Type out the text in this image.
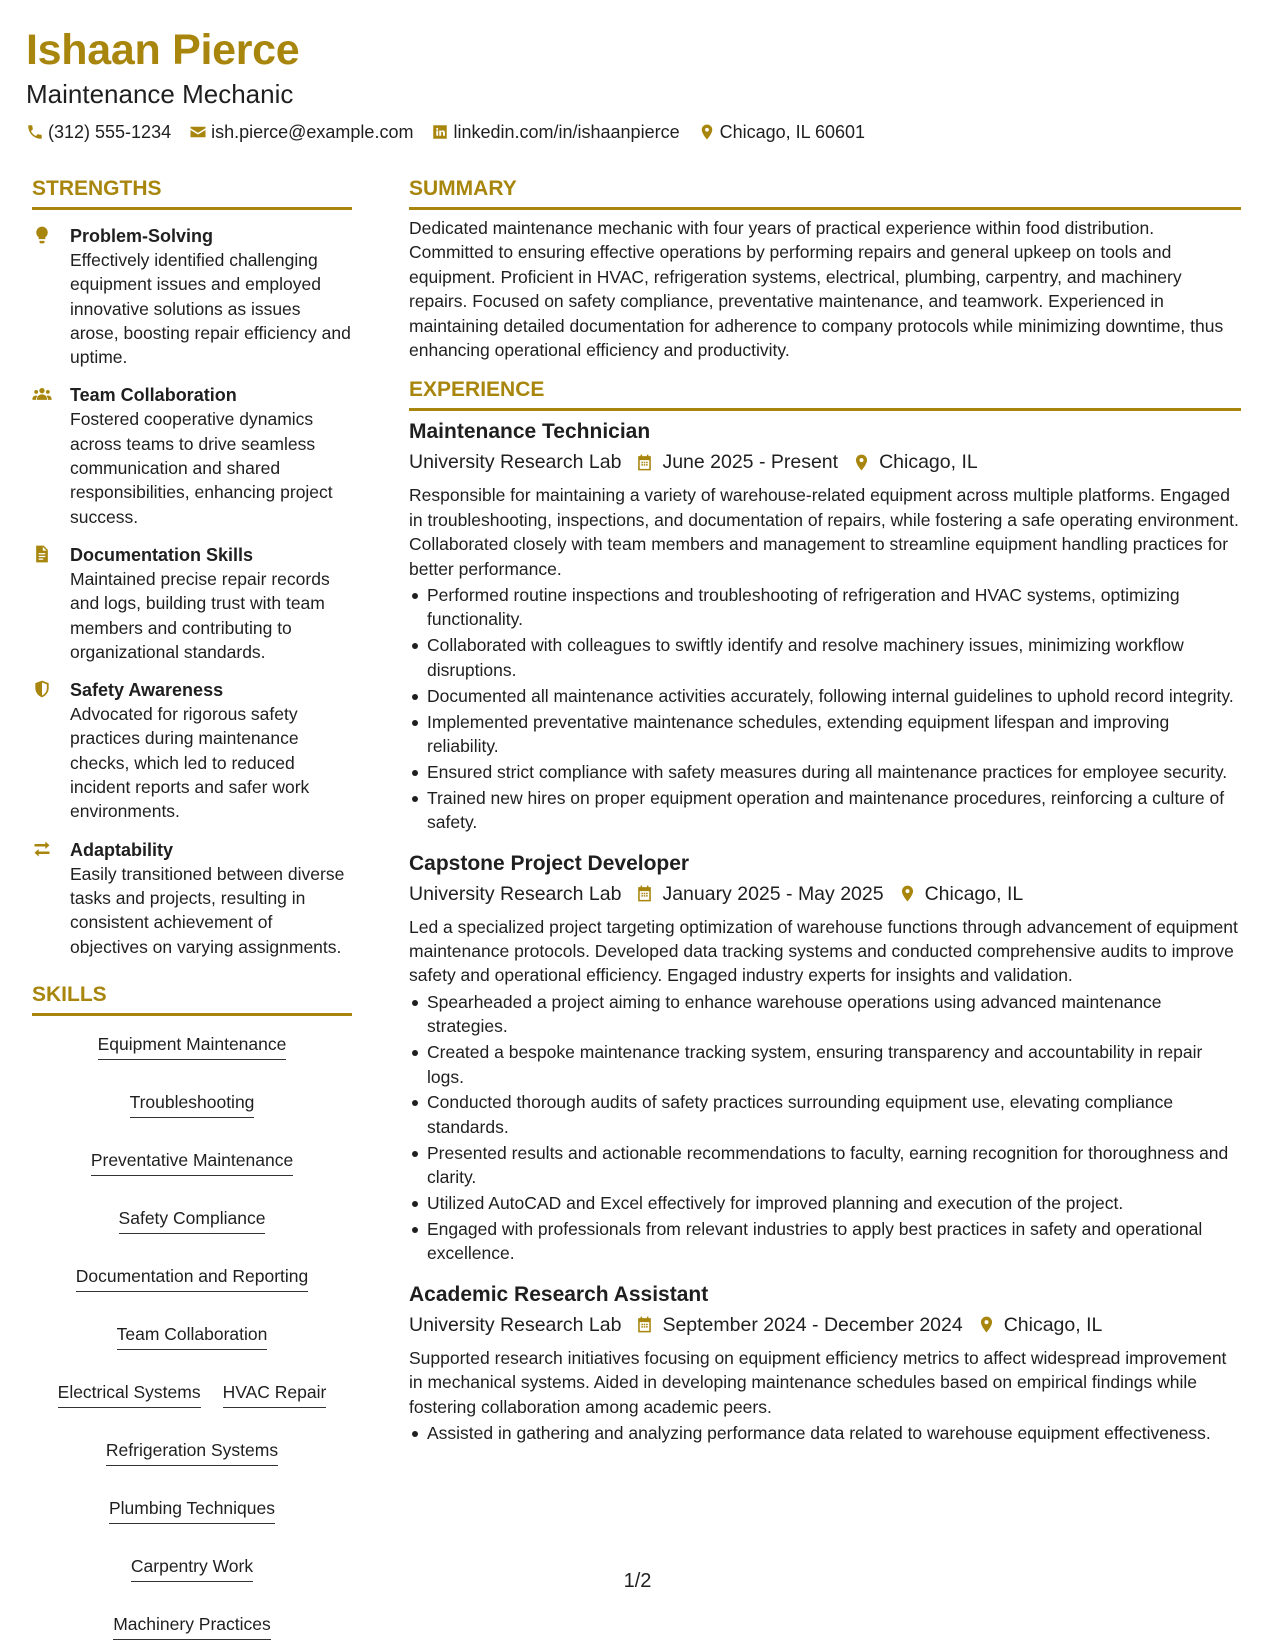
Ishaan Pierce

Maintenance Mechanic

(312) 555-1234 ish.pierce@example.com linkedin.com/in/ishaanpierce Chicago, IL 60601
STRENGTHS
Problem-Solving
Effectively identified challenging equipment issues and employed innovative solutions as issues arose, boosting repair efficiency and uptime.
Team Collaboration
Fostered cooperative dynamics across teams to drive seamless communication and shared responsibilities, enhancing project success.
Documentation Skills
Maintained precise repair records and logs, building trust with team members and contributing to organizational standards.
Safety Awareness
Advocated for rigorous safety practices during maintenance checks, which led to reduced incident reports and safer work environments.
Adaptability
Easily transitioned between diverse tasks and projects, resulting in consistent achievement of objectives on varying assignments.
SKILLS
Equipment Maintenance
Troubleshooting
Preventative Maintenance
Safety Compliance
Documentation and Reporting
Team Collaboration
Electrical Systems HVAC Repair
Refrigeration Systems
Plumbing Techniques
Carpentry Work
Machinery Practices
SUMMARY

Dedicated maintenance mechanic with four years of practical experience within food distribution. Committed to ensuring effective operations by performing repairs and general upkeep on tools and equipment. Proficient in HVAC, refrigeration systems, electrical, plumbing, carpentry, and machinery repairs. Focused on safety compliance, preventative maintenance, and teamwork. Experienced in maintaining detailed documentation for adherence to company protocols while minimizing downtime, thus enhancing operational efficiency and productivity.

EXPERIENCE
Maintenance Technician
University Research Lab June 2025 - Present Chicago, IL
Responsible for maintaining a variety of warehouse-related equipment across multiple platforms. Engaged in troubleshooting, inspections, and documentation of repairs, while fostering a safe operating environment. Collaborated closely with team members and management to streamline equipment handling practices for better performance.
Performed routine inspections and troubleshooting of refrigeration and HVAC systems, optimizing functionality.
Collaborated with colleagues to swiftly identify and resolve machinery issues, minimizing workflow disruptions.
Documented all maintenance activities accurately, following internal guidelines to uphold record integrity.
Implemented preventative maintenance schedules, extending equipment lifespan and improving reliability.
Ensured strict compliance with safety measures during all maintenance practices for employee security.
Trained new hires on proper equipment operation and maintenance procedures, reinforcing a culture of safety.
Capstone Project Developer
University Research Lab January 2025 - May 2025 Chicago, IL
Led a specialized project targeting optimization of warehouse functions through advancement of equipment maintenance protocols. Developed data tracking systems and conducted comprehensive audits to improve safety and operational efficiency. Engaged industry experts for insights and validation.
Spearheaded a project aiming to enhance warehouse operations using advanced maintenance strategies.
Created a bespoke maintenance tracking system, ensuring transparency and accountability in repair logs.
Conducted thorough audits of safety practices surrounding equipment use, elevating compliance standards.
Presented results and actionable recommendations to faculty, earning recognition for thoroughness and clarity.
Utilized AutoCAD and Excel effectively for improved planning and execution of the project.
Engaged with professionals from relevant industries to apply best practices in safety and operational excellence.
Academic Research Assistant
University Research Lab September 2024 - December 2024 Chicago, IL
Supported research initiatives focusing on equipment efficiency metrics to affect widespread improvement in mechanical systems. Aided in developing maintenance schedules based on empirical findings while fostering collaboration among academic peers.
Assisted in gathering and analyzing performance data related to warehouse equipment effectiveness.
1/2
